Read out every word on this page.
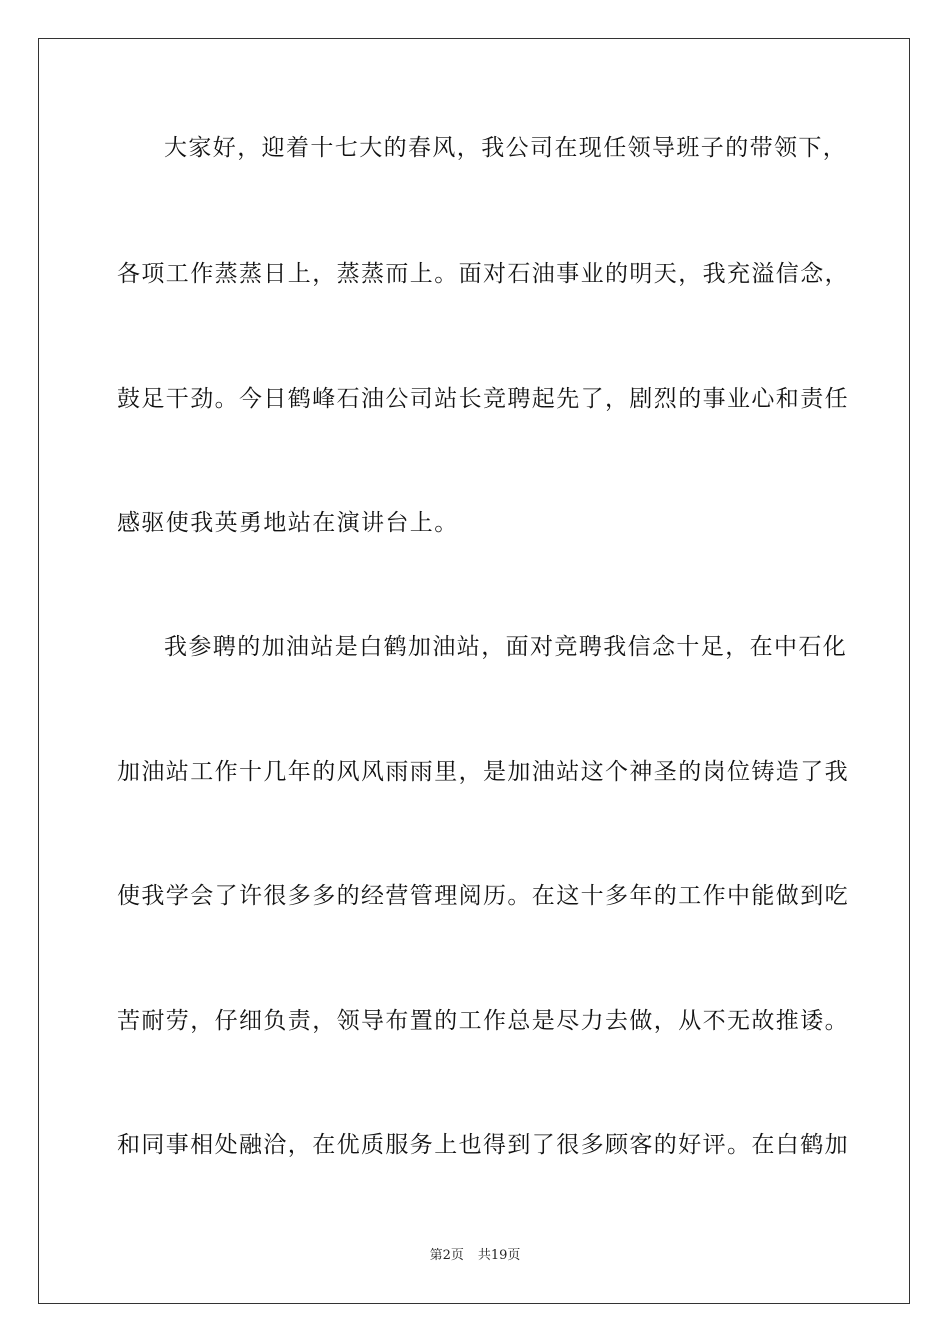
大家好，迎着十七大的春风，我公司在现任领导班子的带领下，
各项工作蒸蒸日上，蒸蒸而上。面对石油事业的明天，我充溢信念，
鼓足干劲。今日鹤峰石油公司站长竞聘起先了，剧烈的事业心和责任
感驱使我英勇地站在演讲台上。
我参聘的加油站是白鹤加油站，面对竞聘我信念十足，在中石化
加油站工作十几年的风风雨雨里，是加油站这个神圣的岗位铸造了我
使我学会了许很多多的经营管理阅历。在这十多年的工作中能做到吃
苦耐劳，仔细负责，领导布置的工作总是尽力去做，从不无故推诿。
和同事相处融洽，在优质服务上也得到了很多顾客的好评。在白鹤加
第2页 共19页
